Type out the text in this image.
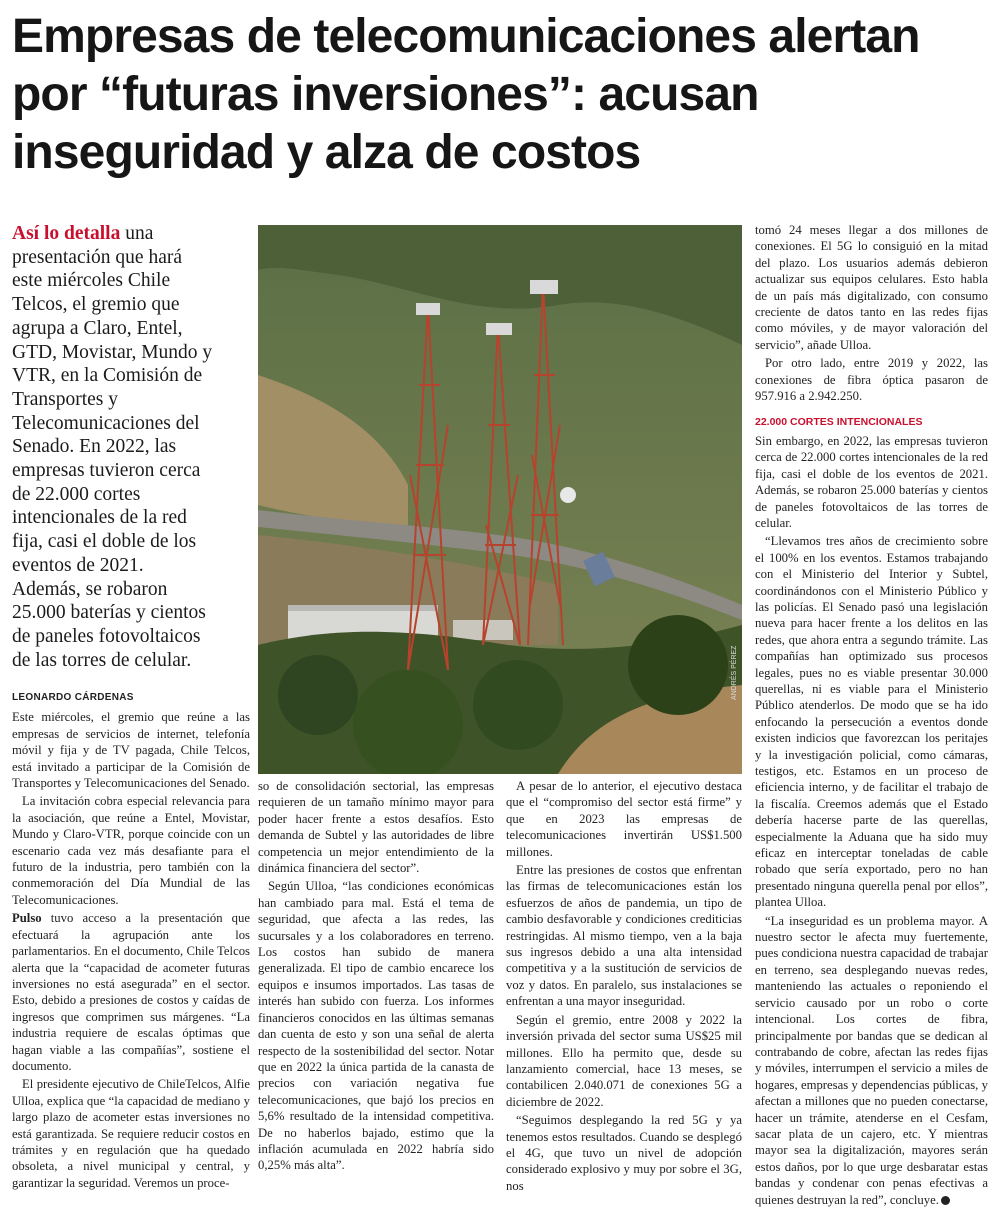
Empresas de telecomunicaciones alertan
por “futuras inversiones”: acusan
inseguridad y alza de costos
Así lo detalla una
presentación que hará
este miércoles Chile
Telcos, el gremio que
agrupa a Claro, Entel,
GTD, Movistar, Mundo y
VTR, en la Comisión de
Transportes y
Telecomunicaciones del
Senado. En 2022, las
empresas tuvieron cerca
de 22.000 cortes
intencionales de la red
fija, casi el doble de los
eventos de 2021.
Además, se robaron
25.000 baterías y cientos
de paneles fotovoltaicos
de las torres de celular.	ANDRÉS PÉREZ
LEONARDO CÁRDENAS

Este miércoles, el gremio que reúne a las empresas de servicios de internet, telefonía móvil y fija y de TV pagada, Chile Telcos, está invitado a participar de la Comisión de Transportes y Telecomunicaciones del Senado.

La invitación cobra especial relevancia para la asociación, que reúne a Entel, Movistar, Mundo y Claro-VTR, porque coincide con un escenario cada vez más desafiante para el futuro de la industria, pero también con la conmemoración del Día Mundial de las Telecomunicaciones.

Pulso tuvo acceso a la presentación que efectuará la agrupación ante los parlamentarios. En el documento, Chile Telcos alerta que la “capacidad de acometer futuras inversiones no está asegurada” en el sector. Esto, debido a presiones de costos y caídas de ingresos que comprimen sus márgenes. “La industria requiere de escalas óptimas que hagan viable a las compañías”, sostiene el documento.

El presidente ejecutivo de ChileTelcos, Alfie Ulloa, explica que “la capacidad de mediano y largo plazo de acometer estas inversiones no está garantizada. Se requiere reducir costos en trámites y en regulación que ha quedado obsoleta, a nivel municipal y central, y garantizar la seguridad. Veremos un proce-

so de consolidación sectorial, las empresas requieren de un tamaño mínimo mayor para poder hacer frente a estos desafíos. Esto demanda de Subtel y las autoridades de libre competencia un mejor entendimiento de la dinámica financiera del sector”.

Según Ulloa, “las condiciones económicas han cambiado para mal. Está el tema de seguridad, que afecta a las redes, las sucursales y a los colaboradores en terreno. Los costos han subido de manera generalizada. El tipo de cambio encarece los equipos e insumos importados. Las tasas de interés han subido con fuerza. Los informes financieros conocidos en las últimas semanas dan cuenta de esto y son una señal de alerta respecto de la sostenibilidad del sector. Notar que en 2022 la única partida de la canasta de precios con variación negativa fue telecomunicaciones, que bajó los precios en 5,6% resultado de la intensidad competitiva. De no haberlos bajado, estimo que la inflación acumulada en 2022 habría sido 0,25% más alta”.

A pesar de lo anterior, el ejecutivo destaca que el “compromiso del sector está firme” y que en 2023 las empresas de telecomunicaciones invertirán US$1.500 millones.

Entre las presiones de costos que enfrentan las firmas de telecomunicaciones están los esfuerzos de años de pandemia, un tipo de cambio desfavorable y condiciones crediticias restringidas. Al mismo tiempo, ven a la baja sus ingresos debido a una alta intensidad competitiva y a la sustitución de servicios de voz y datos. En paralelo, sus instalaciones se enfrentan a una mayor inseguridad.

Según el gremio, entre 2008 y 2022 la inversión privada del sector suma US$25 mil millones. Ello ha permito que, desde su lanzamiento comercial, hace 13 meses, se contabilicen 2.040.071 de conexiones 5G a diciembre de 2022.

“Seguimos desplegando la red 5G y ya tenemos estos resultados. Cuando se desplegó el 4G, que tuvo un nivel de adopción considerado explosivo y muy por sobre el 3G, nos

tomó 24 meses llegar a dos millones de conexiones. El 5G lo consiguió en la mitad del plazo. Los usuarios además debieron actualizar sus equipos celulares. Esto habla de un país más digitalizado, con consumo creciente de datos tanto en las redes fijas como móviles, y de mayor valoración del servicio”, añade Ulloa.

Por otro lado, entre 2019 y 2022, las conexiones de fibra óptica pasaron de 957.916 a 2.942.250.

22.000 CORTES INTENCIONALES

Sin embargo, en 2022, las empresas tuvieron cerca de 22.000 cortes intencionales de la red fija, casi el doble de los eventos de 2021. Además, se robaron 25.000 baterías y cientos de paneles fotovoltaicos de las torres de celular.

“Llevamos tres años de crecimiento sobre el 100% en los eventos. Estamos trabajando con el Ministerio del Interior y Subtel, coordinándonos con el Ministerio Público y las policías. El Senado pasó una legislación nueva para hacer frente a los delitos en las redes, que ahora entra a segundo trámite. Las compañías han optimizado sus procesos legales, pues no es viable presentar 30.000 querellas, ni es viable para el Ministerio Público atenderlos. De modo que se ha ido enfocando la persecución a eventos donde existen indicios que favorezcan los peritajes y la investigación policial, como cámaras, testigos, etc. Estamos en un proceso de eficiencia interno, y de facilitar el trabajo de la fiscalía. Creemos además que el Estado debería hacerse parte de las querellas, especialmente la Aduana que ha sido muy eficaz en interceptar toneladas de cable robado que sería exportado, pero no han presentado ninguna querella penal por ellos”, plantea Ulloa.

“La inseguridad es un problema mayor. A nuestro sector le afecta muy fuertemente, pues condiciona nuestra capacidad de trabajar en terreno, sea desplegando nuevas redes, manteniendo las actuales o reponiendo el servicio causado por un robo o corte intencional. Los cortes de fibra, principalmente por bandas que se dedican al contrabando de cobre, afectan las redes fijas y móviles, interrumpen el servicio a miles de hogares, empresas y dependencias públicas, y afectan a millones que no pueden conectarse, hacer un trámite, atenderse en el Cesfam, sacar plata de un cajero, etc. Y mientras mayor sea la digitalización, mayores serán estos daños, por lo que urge desbaratar estas bandas y condenar con penas efectivas a quienes destruyan la red”, concluye.
